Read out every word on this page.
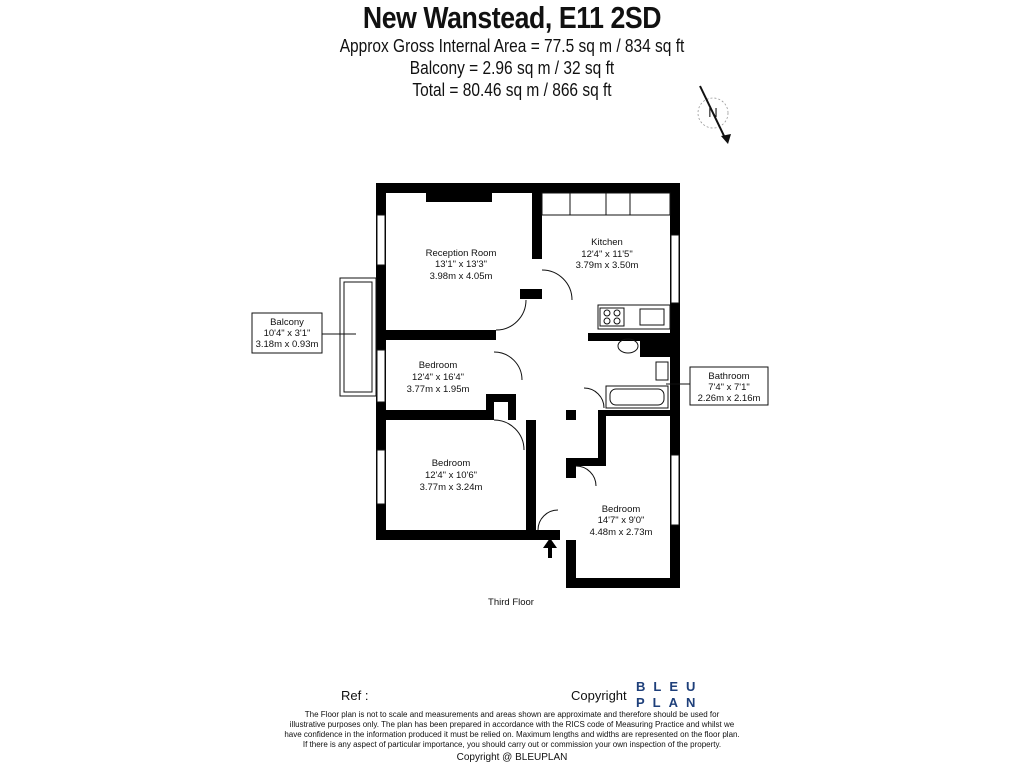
New Wanstead, E11 2SD
Approx Gross Internal Area = 77.5 sq m / 834 sq ft
Balcony = 2.96 sq m / 32 sq ft
Total = 80.46 sq m / 866 sq ft
N
Reception Room
13'1" x 13'3"
3.98m x 4.05m
Kitchen
12'4" x 11'5"
3.79m x 3.50m
Bedroom
12'4" x 16'4"
3.77m x 1.95m
Bedroom
12'4" x 10'6"
3.77m x 3.24m
Bedroom
14'7" x 9'0"
4.48m x 2.73m
Balcony
10'4" x 3'1"
3.18m x 0.93m
Bathroom
7'4" x 7'1"
2.26m x 2.16m
Third Floor
Ref :	Copyright
BLEU
PLAN
The Floor plan is not to scale and measurements and areas shown are approximate and therefore should be used for
illustrative purposes only. The plan has been prepared in accordance with the RICS code of Measuring Practice and whilst we
have confidence in the information produced it must be relied on. Maximum lengths and widths are represented on the floor plan.
If there is any aspect of particular importance, you should carry out or commission your own inspection of the property.
Copyright @ BLEUPLAN
